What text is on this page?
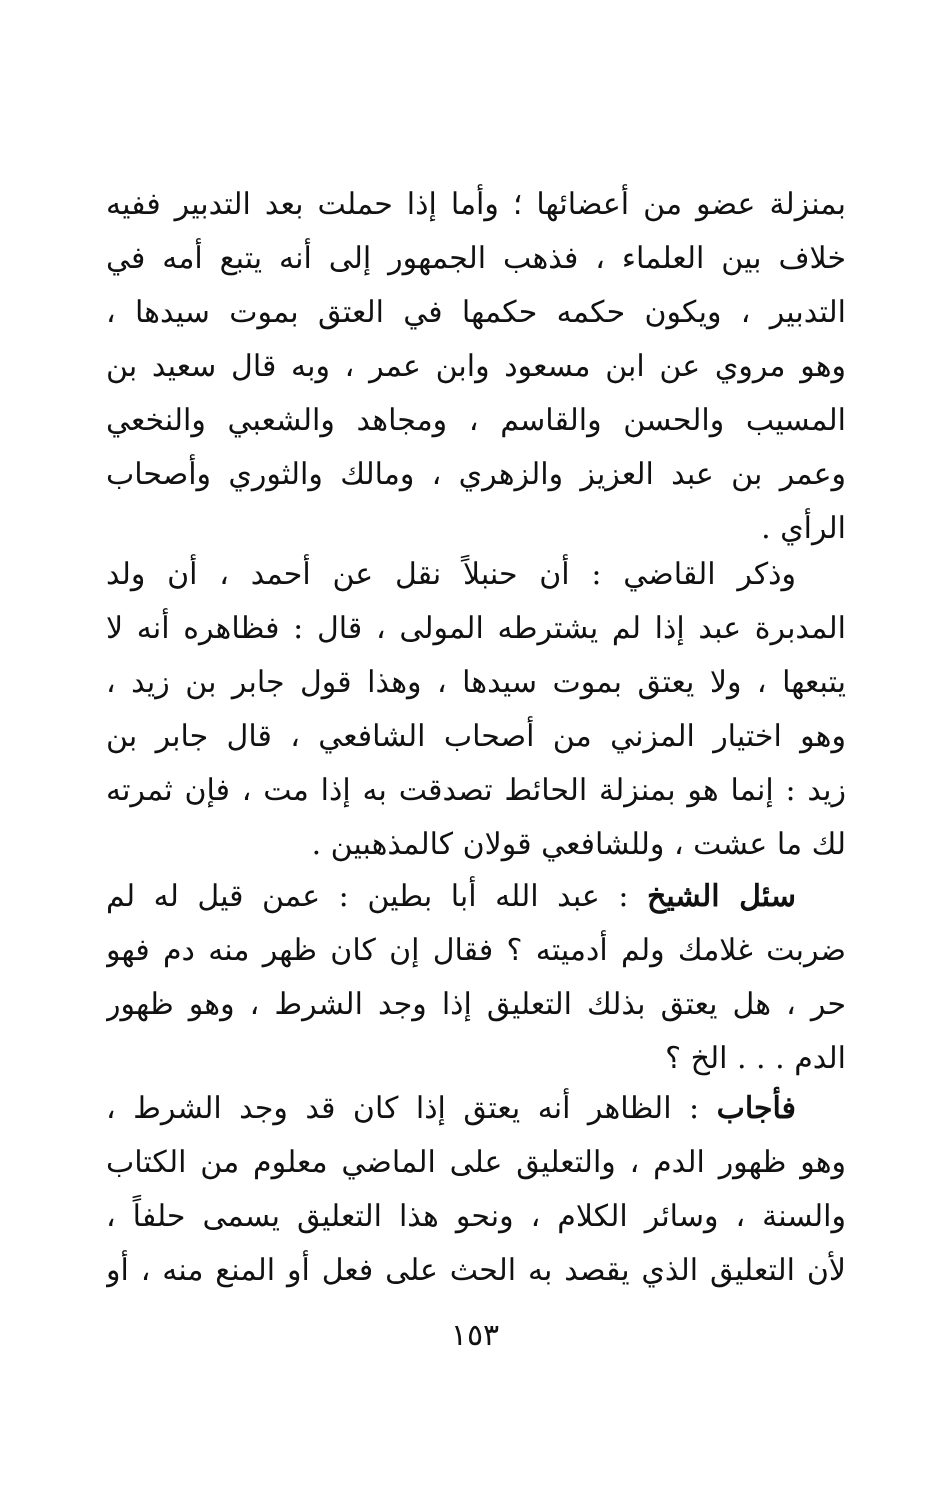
بمنزلة عضو من أعضائها ؛ وأما إذا حملت بعد التدبير ففيه
خلاف بين العلماء ، فذهب الجمهور إلى أنه يتبع أمه في
التدبير ، ويكون حكمه حكمها في العتق بموت سيدها ،
وهو مروي عن ابن مسعود وابن عمر ، وبه قال سعيد بن
المسيب والحسن والقاسم ، ومجاهد والشعبي والنخعي
وعمر بن عبد العزيز والزهري ، ومالك والثوري وأصحاب
الرأي .
وذكر القاضي : أن حنبلاً نقل عن أحمد ، أن ولد
المدبرة عبد إذا لم يشترطه المولى ، قال : فظاهره أنه لا
يتبعها ، ولا يعتق بموت سيدها ، وهذا قول جابر بن زيد ،
وهو اختيار المزني من أصحاب الشافعي ، قال جابر بن
زيد : إنما هو بمنزلة الحائط تصدقت به إذا مت ، فإن ثمرته
لك ما عشت ، وللشافعي قولان كالمذهبين .
سئل الشيخ : عبد الله أبا بطين : عمن قيل له لم
ضربت غلامك ولم أدميته ؟ فقال إن كان ظهر منه دم فهو
حر ، هل يعتق بذلك التعليق إذا وجد الشرط ، وهو ظهور
الدم . . . الخ ؟
فأجاب : الظاهر أنه يعتق إذا كان قد وجد الشرط ،
وهو ظهور الدم ، والتعليق على الماضي معلوم من الكتاب
والسنة ، وسائر الكلام ، ونحو هذا التعليق يسمى حلفاً ،
لأن التعليق الذي يقصد به الحث على فعل أو المنع منه ، أو
١٥٣
